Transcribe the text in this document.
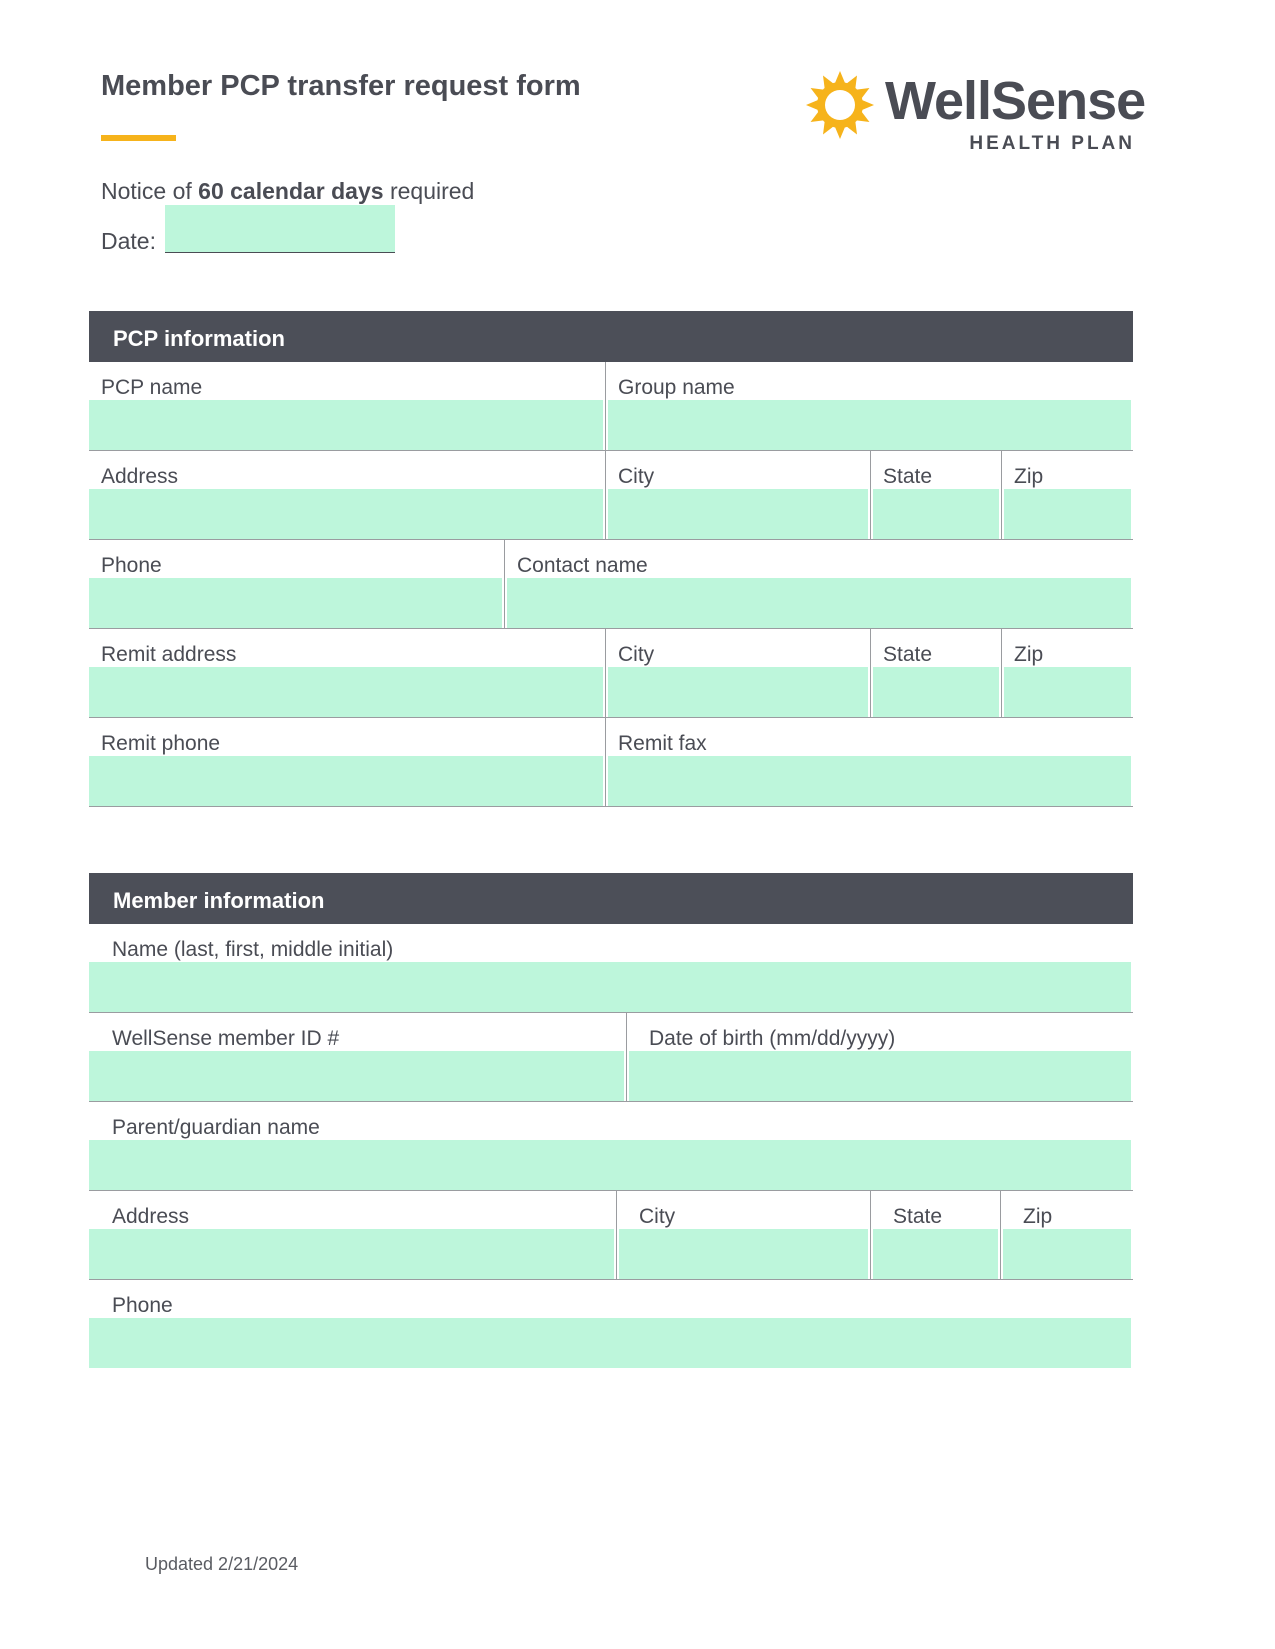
Member PCP transfer request form	WellSense
HEALTH PLAN
Notice of 60 calendar days required
Date:
PCP information
PCP name	Group name
Address	City	State	Zip
Phone	Contact name
Remit address	City	State	Zip
Remit phone	Remit fax
Member information
Name (last, first, middle initial)
WellSense member ID #	Date of birth (mm/dd/yyyy)
Parent/guardian name
Address	City	State	Zip
Phone
Updated 2/21/2024
